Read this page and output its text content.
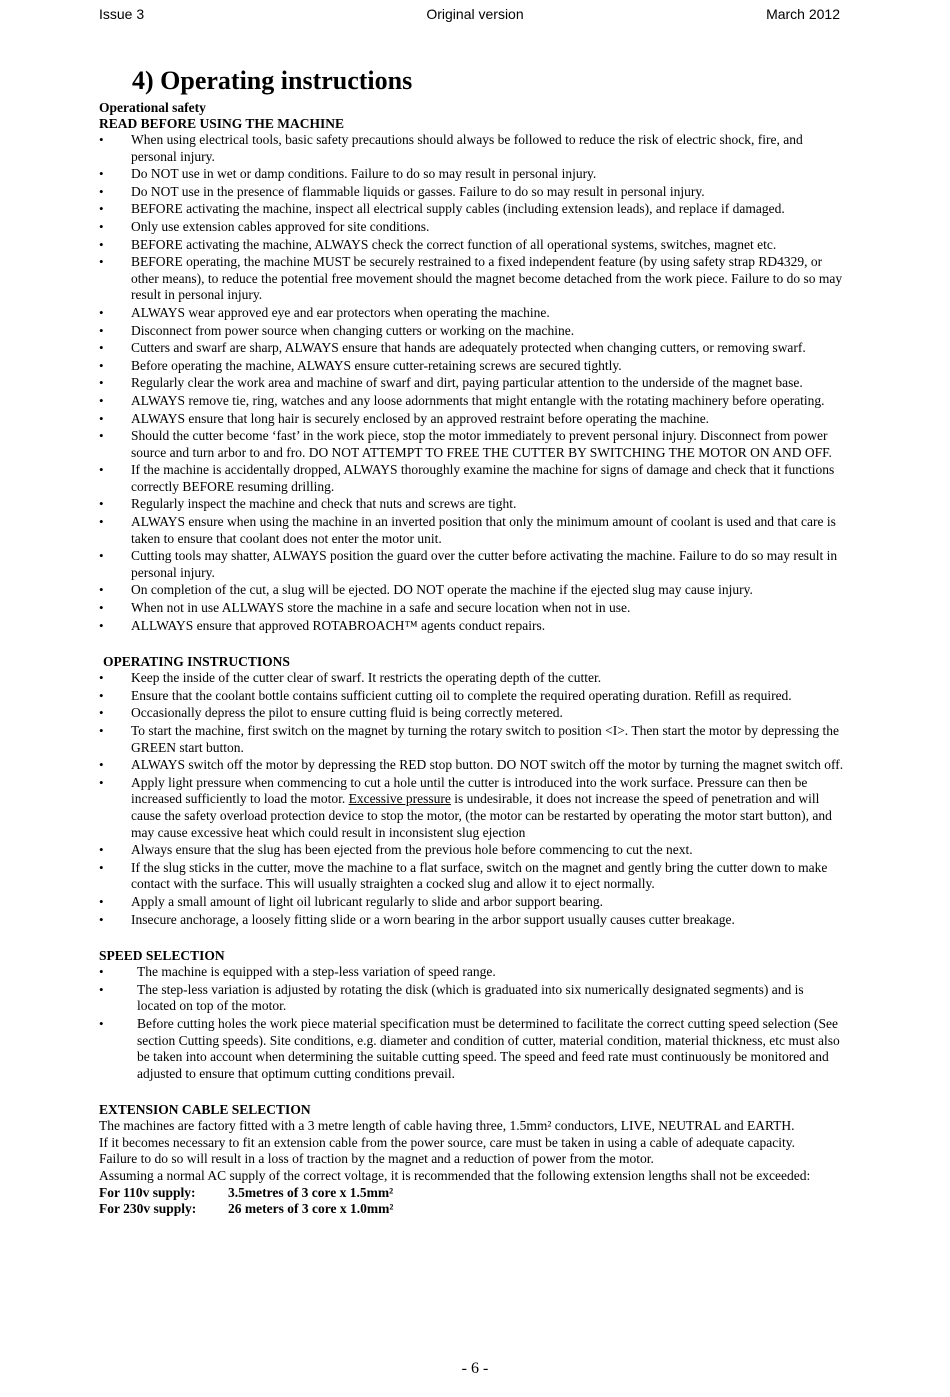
Issue 3	Original version	March 2012
4) Operating instructions
Operational safety
READ BEFORE USING THE MACHINE
• When using electrical tools, basic safety precautions should always be followed to reduce the risk of electric shock, fire, and personal injury.
• Do NOT use in wet or damp conditions. Failure to do so may result in personal injury.
• Do NOT use in the presence of flammable liquids or gasses. Failure to do so may result in personal injury.
• BEFORE activating the machine, inspect all electrical supply cables (including extension leads), and replace if damaged.
• Only use extension cables approved for site conditions.
• BEFORE activating the machine, ALWAYS check the correct function of all operational systems, switches, magnet etc.
• BEFORE operating, the machine MUST be securely restrained to a fixed independent feature (by using safety strap RD4329, or other means), to reduce the potential free movement should the magnet become detached from the work piece. Failure to do so may result in personal injury.
• ALWAYS wear approved eye and ear protectors when operating the machine.
• Disconnect from power source when changing cutters or working on the machine.
• Cutters and swarf are sharp, ALWAYS ensure that hands are adequately protected when changing cutters, or removing swarf.
• Before operating the machine, ALWAYS ensure cutter-retaining screws are secured tightly.
• Regularly clear the work area and machine of swarf and dirt, paying particular attention to the underside of the magnet base.
• ALWAYS remove tie, ring, watches and any loose adornments that might entangle with the rotating machinery before operating.
• ALWAYS ensure that long hair is securely enclosed by an approved restraint before operating the machine.
• Should the cutter become ‘fast’ in the work piece, stop the motor immediately to prevent personal injury. Disconnect from power source and turn arbor to and fro. DO NOT ATTEMPT TO FREE THE CUTTER BY SWITCHING THE MOTOR ON AND OFF.
• If the machine is accidentally dropped, ALWAYS thoroughly examine the machine for signs of damage and check that it functions correctly BEFORE resuming drilling.
• Regularly inspect the machine and check that nuts and screws are tight.
• ALWAYS ensure when using the machine in an inverted position that only the minimum amount of coolant is used and that care is taken to ensure that coolant does not enter the motor unit.
• Cutting tools may shatter, ALWAYS position the guard over the cutter before activating the machine. Failure to do so may result in personal injury.
• On completion of the cut, a slug will be ejected. DO NOT operate the machine if the ejected slug may cause injury.
• When not in use ALLWAYS store the machine in a safe and secure location when not in use.
• ALLWAYS ensure that approved ROTABROACH™ agents conduct repairs.
OPERATING INSTRUCTIONS
• Keep the inside of the cutter clear of swarf. It restricts the operating depth of the cutter.
• Ensure that the coolant bottle contains sufficient cutting oil to complete the required operating duration. Refill as required.
• Occasionally depress the pilot to ensure cutting fluid is being correctly metered.
• To start the machine, first switch on the magnet by turning the rotary switch to position <I>. Then start the motor by depressing the GREEN start button.
• ALWAYS switch off the motor by depressing the RED stop button. DO NOT switch off the motor by turning the magnet switch off.
• Apply light pressure when commencing to cut a hole until the cutter is introduced into the work surface. Pressure can then be increased sufficiently to load the motor. Excessive pressure is undesirable, it does not increase the speed of penetration and will cause the safety overload protection device to stop the motor, (the motor can be restarted by operating the motor start button), and may cause excessive heat which could result in inconsistent slug ejection
• Always ensure that the slug has been ejected from the previous hole before commencing to cut the next.
• If the slug sticks in the cutter, move the machine to a flat surface, switch on the magnet and gently bring the cutter down to make contact with the surface. This will usually straighten a cocked slug and allow it to eject normally.
• Apply a small amount of light oil lubricant regularly to slide and arbor support bearing.
• Insecure anchorage, a loosely fitting slide or a worn bearing in the arbor support usually causes cutter breakage.
SPEED SELECTION
• The machine is equipped with a step-less variation of speed range.
• The step-less variation is adjusted by rotating the disk (which is graduated into six numerically designated segments) and is located on top of the motor.
• Before cutting holes the work piece material specification must be determined to facilitate the correct cutting speed selection (See section Cutting speeds). Site conditions, e.g. diameter and condition of cutter, material condition, material thickness, etc must also be taken into account when determining the suitable cutting speed. The speed and feed rate must continuously be monitored and adjusted to ensure that optimum cutting conditions prevail.
EXTENSION CABLE SELECTION

The machines are factory fitted with a 3 metre length of cable having three, 1.5mm² conductors, LIVE, NEUTRAL and EARTH.

If it becomes necessary to fit an extension cable from the power source, care must be taken in using a cable of adequate capacity.

Failure to do so will result in a loss of traction by the magnet and a reduction of power from the motor.

Assuming a normal AC supply of the correct voltage, it is recommended that the following extension lengths shall not be exceeded:

For 110v supply:	3.5metres of 3 core x 1.5mm²
For 230v supply:	26 meters of 3 core x 1.0mm²
- 6 -
